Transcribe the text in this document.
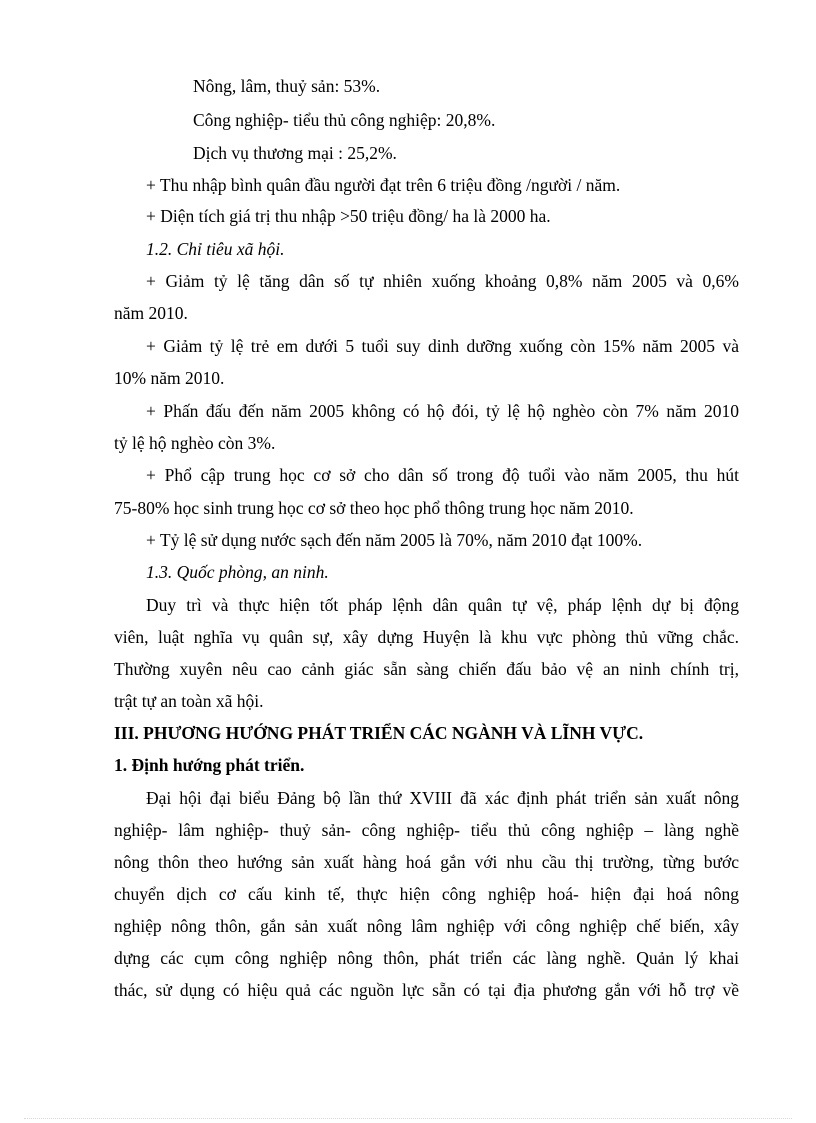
Nông, lâm, thuỷ sản: 53%.
Công nghiệp- tiểu thủ công nghiệp: 20,8%.
Dịch vụ thương mại : 25,2%.
+ Thu nhập bình quân đầu người đạt trên 6 triệu đồng /người / năm.
+ Diện tích giá trị thu nhập >50 triệu đồng/ ha là 2000 ha.
1.2. Chỉ tiêu xã hội.
+ Giảm tỷ lệ tăng dân số tự nhiên xuống khoảng 0,8% năm 2005 và 0,6%
năm 2010.
+ Giảm tỷ lệ trẻ em dưới 5 tuổi suy dinh dưỡng xuống còn 15% năm 2005 và
10% năm 2010.
+ Phấn đấu đến năm 2005 không có hộ đói, tỷ lệ hộ nghèo còn 7% năm 2010
tỷ lệ hộ nghèo còn 3%.
+ Phổ cập trung học cơ sở cho dân số trong độ tuổi vào năm 2005, thu hút
75-80% học sinh trung học cơ sở theo học phổ thông trung học năm 2010.
+ Tỷ lệ sử dụng nước sạch đến năm 2005 là 70%, năm 2010 đạt 100%.
1.3. Quốc phòng, an ninh.
Duy trì và thực hiện tốt pháp lệnh dân quân tự vệ, pháp lệnh dự bị động
viên, luật nghĩa vụ quân sự, xây dựng Huyện là khu vực phòng thủ vững chắc.
Thường xuyên nêu cao cảnh giác sẵn sàng chiến đấu bảo vệ an ninh chính trị,
trật tự an toàn xã hội.
III. PHƯƠNG HƯỚNG PHÁT TRIỂN CÁC NGÀNH VÀ LĨNH VỰC.
1. Định hướng phát triển.
Đại hội đại biểu Đảng bộ lần thứ XVIII đã xác định phát triển sản xuất nông
nghiệp- lâm nghiệp- thuỷ sản- công nghiệp- tiểu thủ công nghiệp – làng nghề
nông thôn theo hướng sản xuất hàng hoá gắn với nhu cầu thị trường, từng bước
chuyển dịch cơ cấu kinh tế, thực hiện công nghiệp hoá- hiện đại hoá nông
nghiệp nông thôn, gắn sản xuất nông lâm nghiệp với công nghiệp chế biến, xây
dựng các cụm công nghiệp nông thôn, phát triển các làng nghề. Quản lý khai
thác, sử dụng có hiệu quả các nguồn lực sẵn có tại địa phương gắn với hỗ trợ về
